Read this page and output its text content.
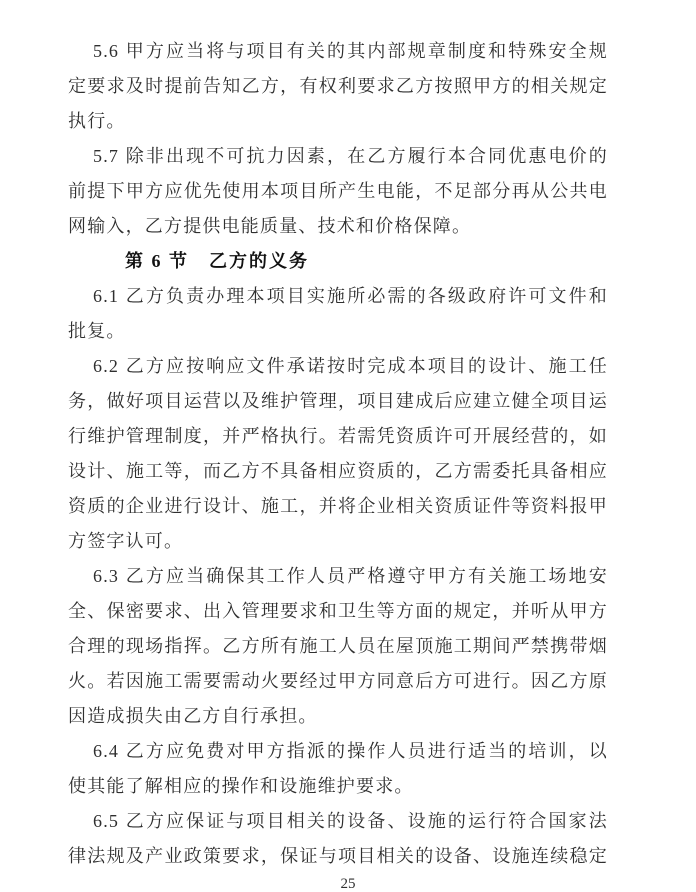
5.6 甲方应当将与项目有关的其内部规章制度和特殊安全规
定要求及时提前告知乙方，有权利要求乙方按照甲方的相关规定
执行。
5.7 除非出现不可抗力因素，在乙方履行本合同优惠电价的
前提下甲方应优先使用本项目所产生电能，不足部分再从公共电
网输入，乙方提供电能质量、技术和价格保障。
第 6 节　乙方的义务
6.1 乙方负责办理本项目实施所必需的各级政府许可文件和
批复。
6.2 乙方应按响应文件承诺按时完成本项目的设计、施工任
务，做好项目运营以及维护管理，项目建成后应建立健全项目运
行维护管理制度，并严格执行。若需凭资质许可开展经营的，如
设计、施工等，而乙方不具备相应资质的，乙方需委托具备相应
资质的企业进行设计、施工，并将企业相关资质证件等资料报甲
方签字认可。
6.3 乙方应当确保其工作人员严格遵守甲方有关施工场地安
全、保密要求、出入管理要求和卫生等方面的规定，并听从甲方
合理的现场指挥。乙方所有施工人员在屋顶施工期间严禁携带烟
火。若因施工需要需动火要经过甲方同意后方可进行。因乙方原
因造成损失由乙方自行承担。
6.4 乙方应免费对甲方指派的操作人员进行适当的培训，以
使其能了解相应的操作和设施维护要求。
6.5 乙方应保证与项目相关的设备、设施的运行符合国家法
律法规及产业政策要求，保证与项目相关的设备、设施连续稳定
25
